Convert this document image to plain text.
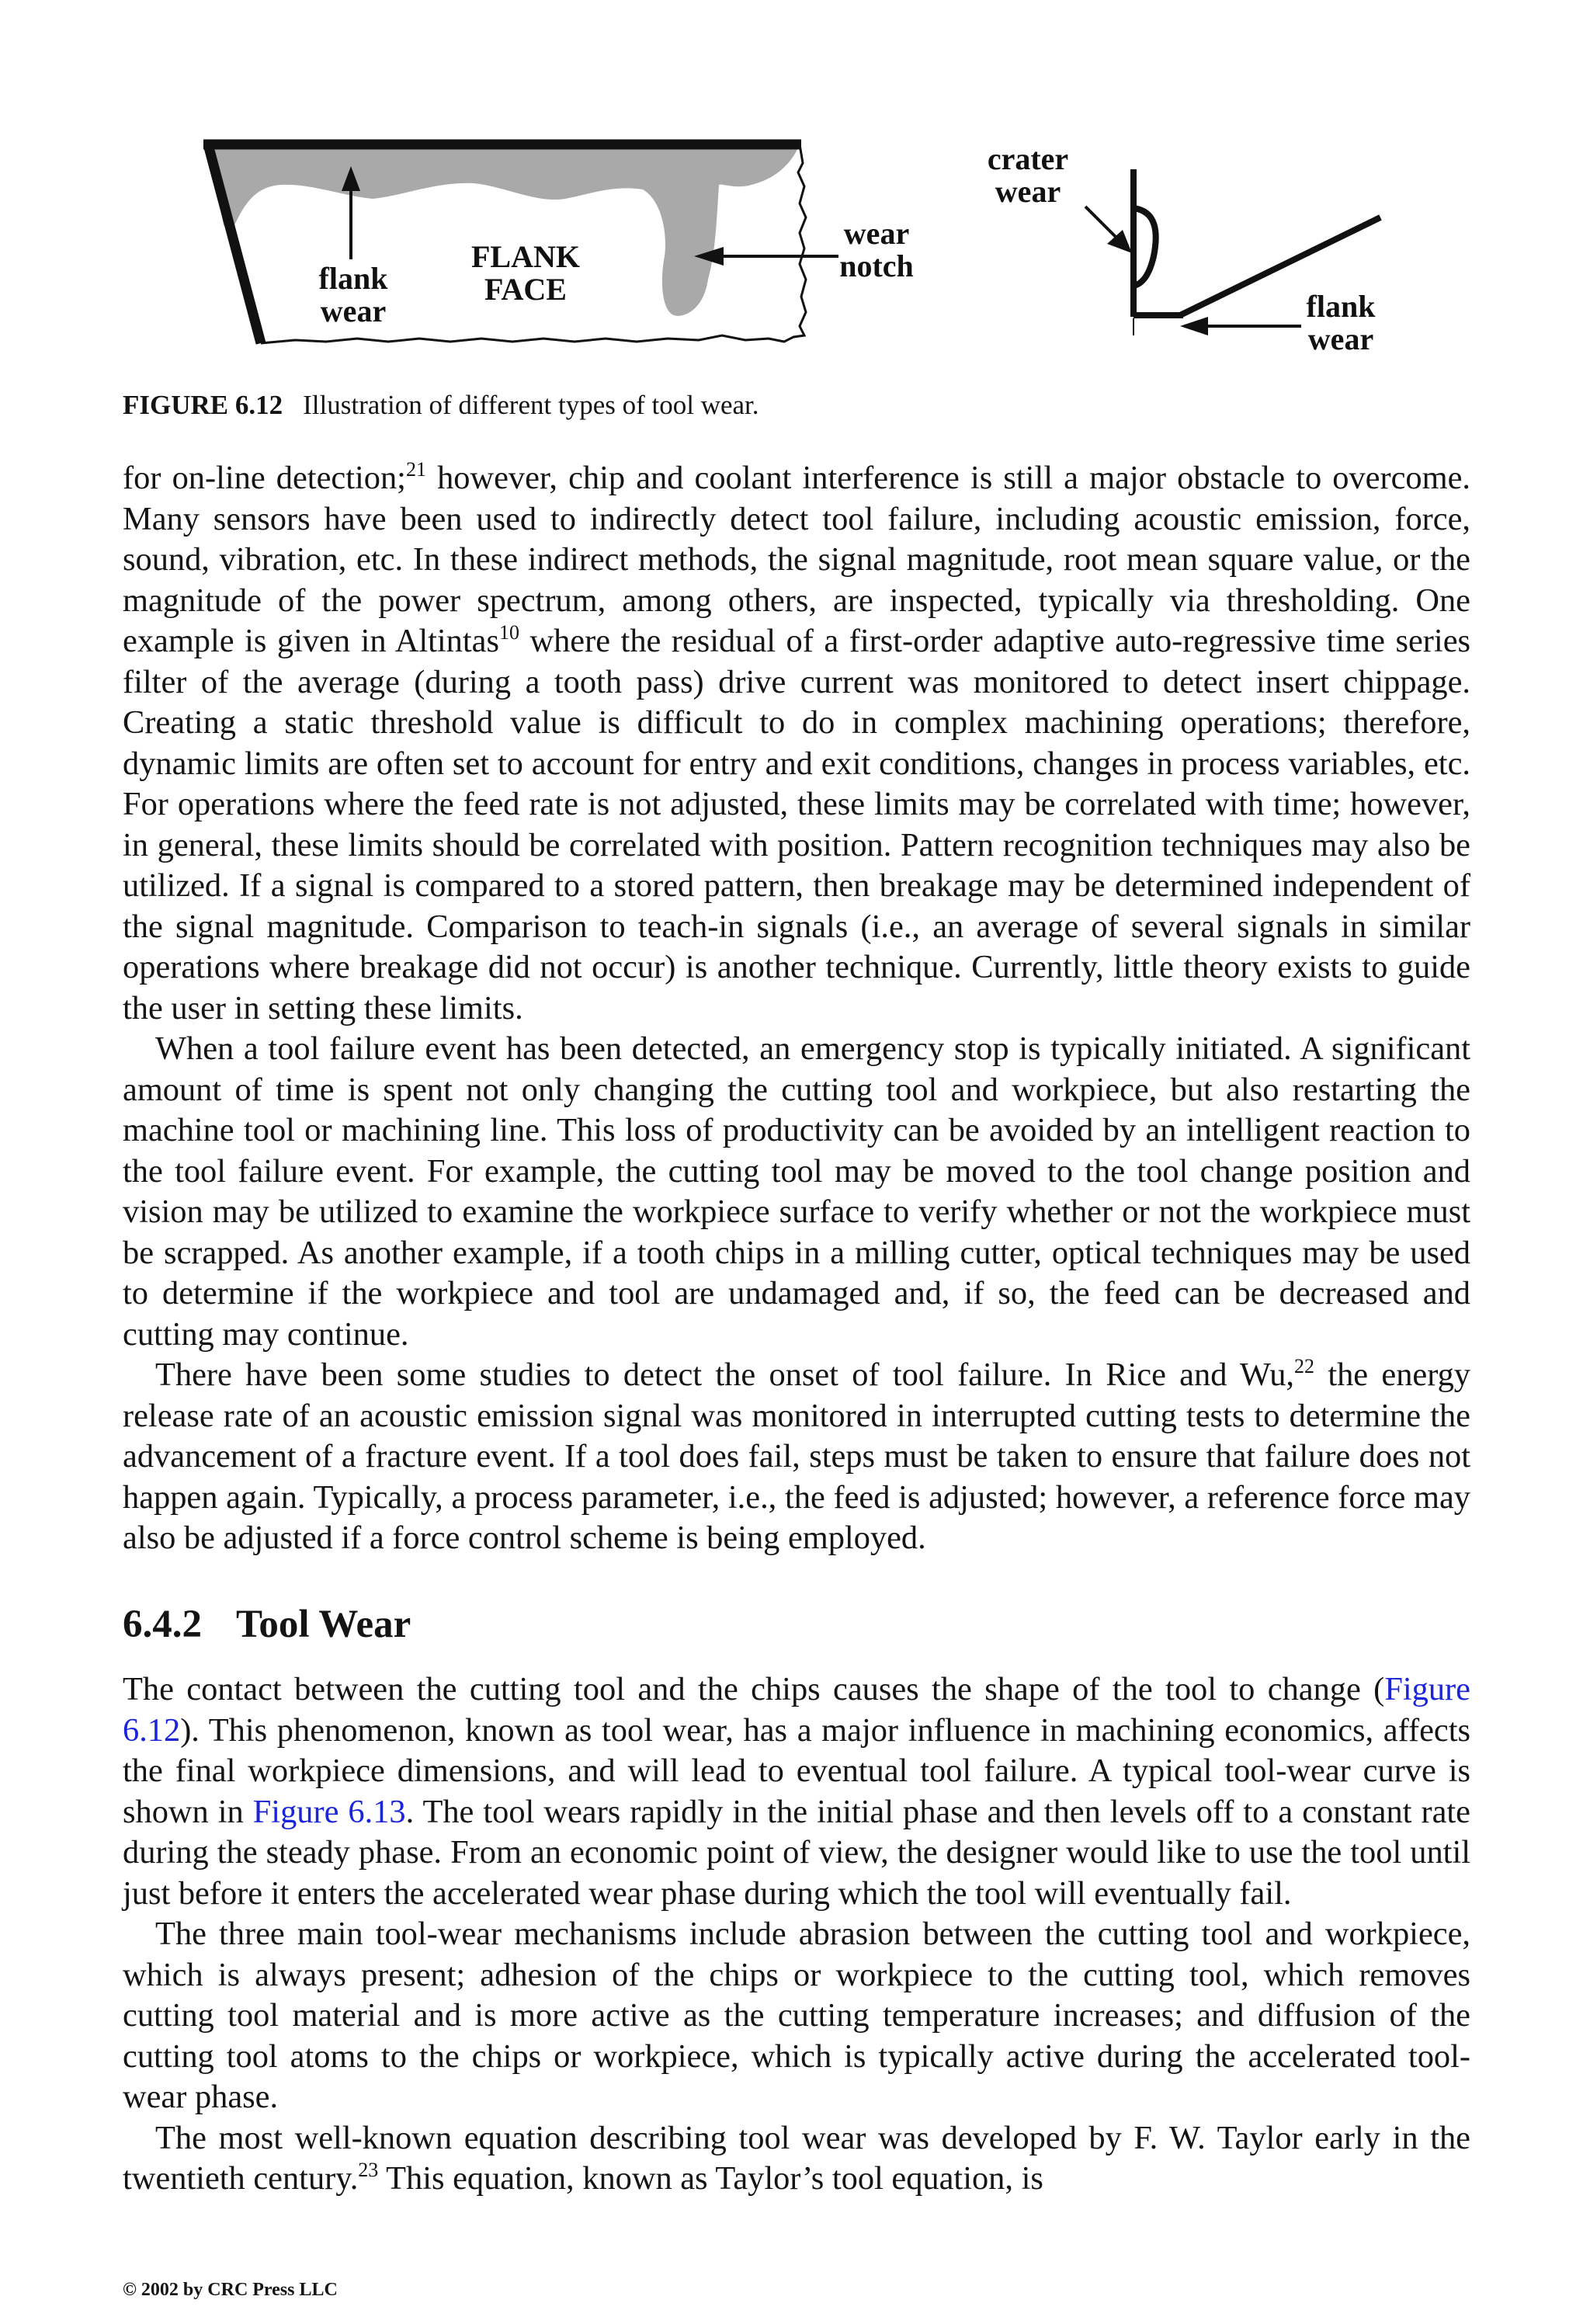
flank
wear
FLANK
FACE
wear
notch
crater
wear
flank
wear
FIGURE 6.12 Illustration of different types of tool wear.

for on-line detection;$^{21}$ however, chip and coolant interference is still a major obstacle to overcome. Many sensors have been used to indirectly detect tool failure, including acoustic emission, force, sound, vibration, etc. In these indirect methods, the signal magnitude, root mean square value, or the magnitude of the power spectrum, among others, are inspected, typically via thresholding. One example is given in Altintas$^{10}$ where the residual of a first-order adaptive auto-regressive time series filter of the average (during a tooth pass) drive current was monitored to detect insert chippage. Creating a static threshold value is difficult to do in complex machining operations; therefore, dynamic limits are often set to account for entry and exit conditions, changes in process variables, etc. For operations where the feed rate is not adjusted, these limits may be correlated with time; however, in general, these limits should be correlated with position. Pattern recognition techniques may also be utilized. If a signal is compared to a stored pattern, then breakage may be determined independent of the signal magnitude. Comparison to teach-in signals (i.e., an average of several signals in similar operations where breakage did not occur) is another technique. Currently, little theory exists to guide the user in setting these limits.

When a tool failure event has been detected, an emergency stop is typically initiated. A significant amount of time is spent not only changing the cutting tool and workpiece, but also restarting the machine tool or machining line. This loss of productivity can be avoided by an intelligent reaction to the tool failure event. For example, the cutting tool may be moved to the tool change position and vision may be utilized to examine the workpiece surface to verify whether or not the workpiece must be scrapped. As another example, if a tooth chips in a milling cutter, optical techniques may be used to determine if the workpiece and tool are undamaged and, if so, the feed can be decreased and cutting may continue.

There have been some studies to detect the onset of tool failure. In Rice and Wu,$^{22}$ the energy release rate of an acoustic emission signal was monitored in interrupted cutting tests to determine the advancement of a fracture event. If a tool does fail, steps must be taken to ensure that failure does not happen again. Typically, a process parameter, i.e., the feed is adjusted; however, a reference force may also be adjusted if a force control scheme is being employed.

6.4.2 Tool Wear

The contact between the cutting tool and the chips causes the shape of the tool to change (Figure 6.12). This phenomenon, known as tool wear, has a major influence in machining economics, affects the final workpiece dimensions, and will lead to eventual tool failure. A typical tool-wear curve is shown in Figure 6.13. The tool wears rapidly in the initial phase and then levels off to a constant rate during the steady phase. From an economic point of view, the designer would like to use the tool until just before it enters the accelerated wear phase during which the tool will eventually fail.

The three main tool-wear mechanisms include abrasion between the cutting tool and workpiece, which is always present; adhesion of the chips or workpiece to the cutting tool, which removes cutting tool material and is more active as the cutting temperature increases; and diffusion of the cutting tool atoms to the chips or workpiece, which is typically active during the accelerated tool-wear phase.

The most well-known equation describing tool wear was developed by F. W. Taylor early in the twentieth century.$^{23}$ This equation, known as Taylor’s tool equation, is

© 2002 by CRC Press LLC
